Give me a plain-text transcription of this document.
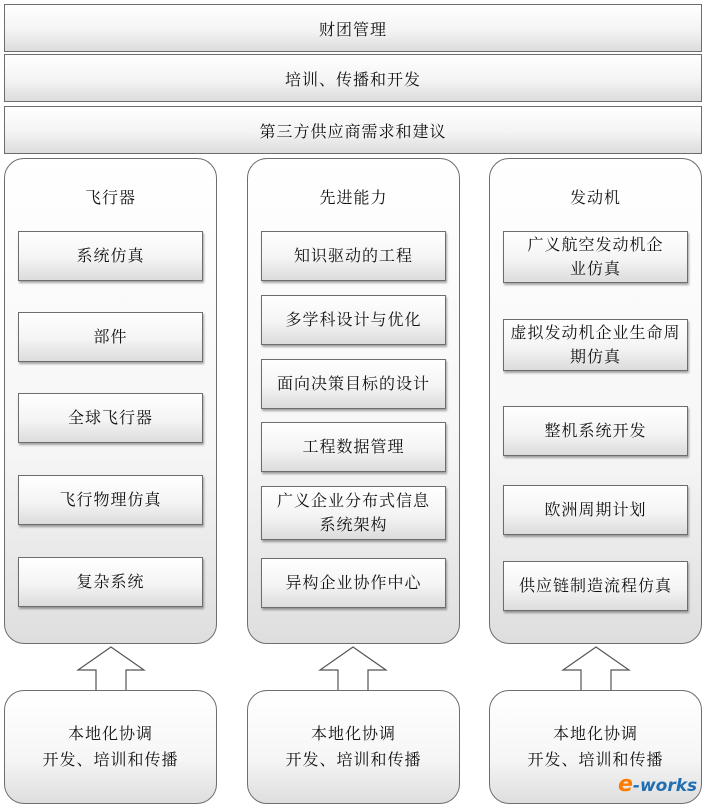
财团管理
培训、传播和开发
第三方供应商需求和建议
飞行器
系统仿真
部件
全球飞行器
飞行物理仿真
复杂系统
先进能力
知识驱动的工程
多学科设计与优化
面向决策目标的设计
工程数据管理
广义企业分布式信息系统架构
异构企业协作中心
发动机
广义航空发动机企业仿真
虚拟发动机企业生命周期仿真
整机系统开发
欧洲周期计划
供应链制造流程仿真
本地化协调
开发、培训和传播
本地化协调
开发、培训和传播
本地化协调
开发、培训和传播
e-works
